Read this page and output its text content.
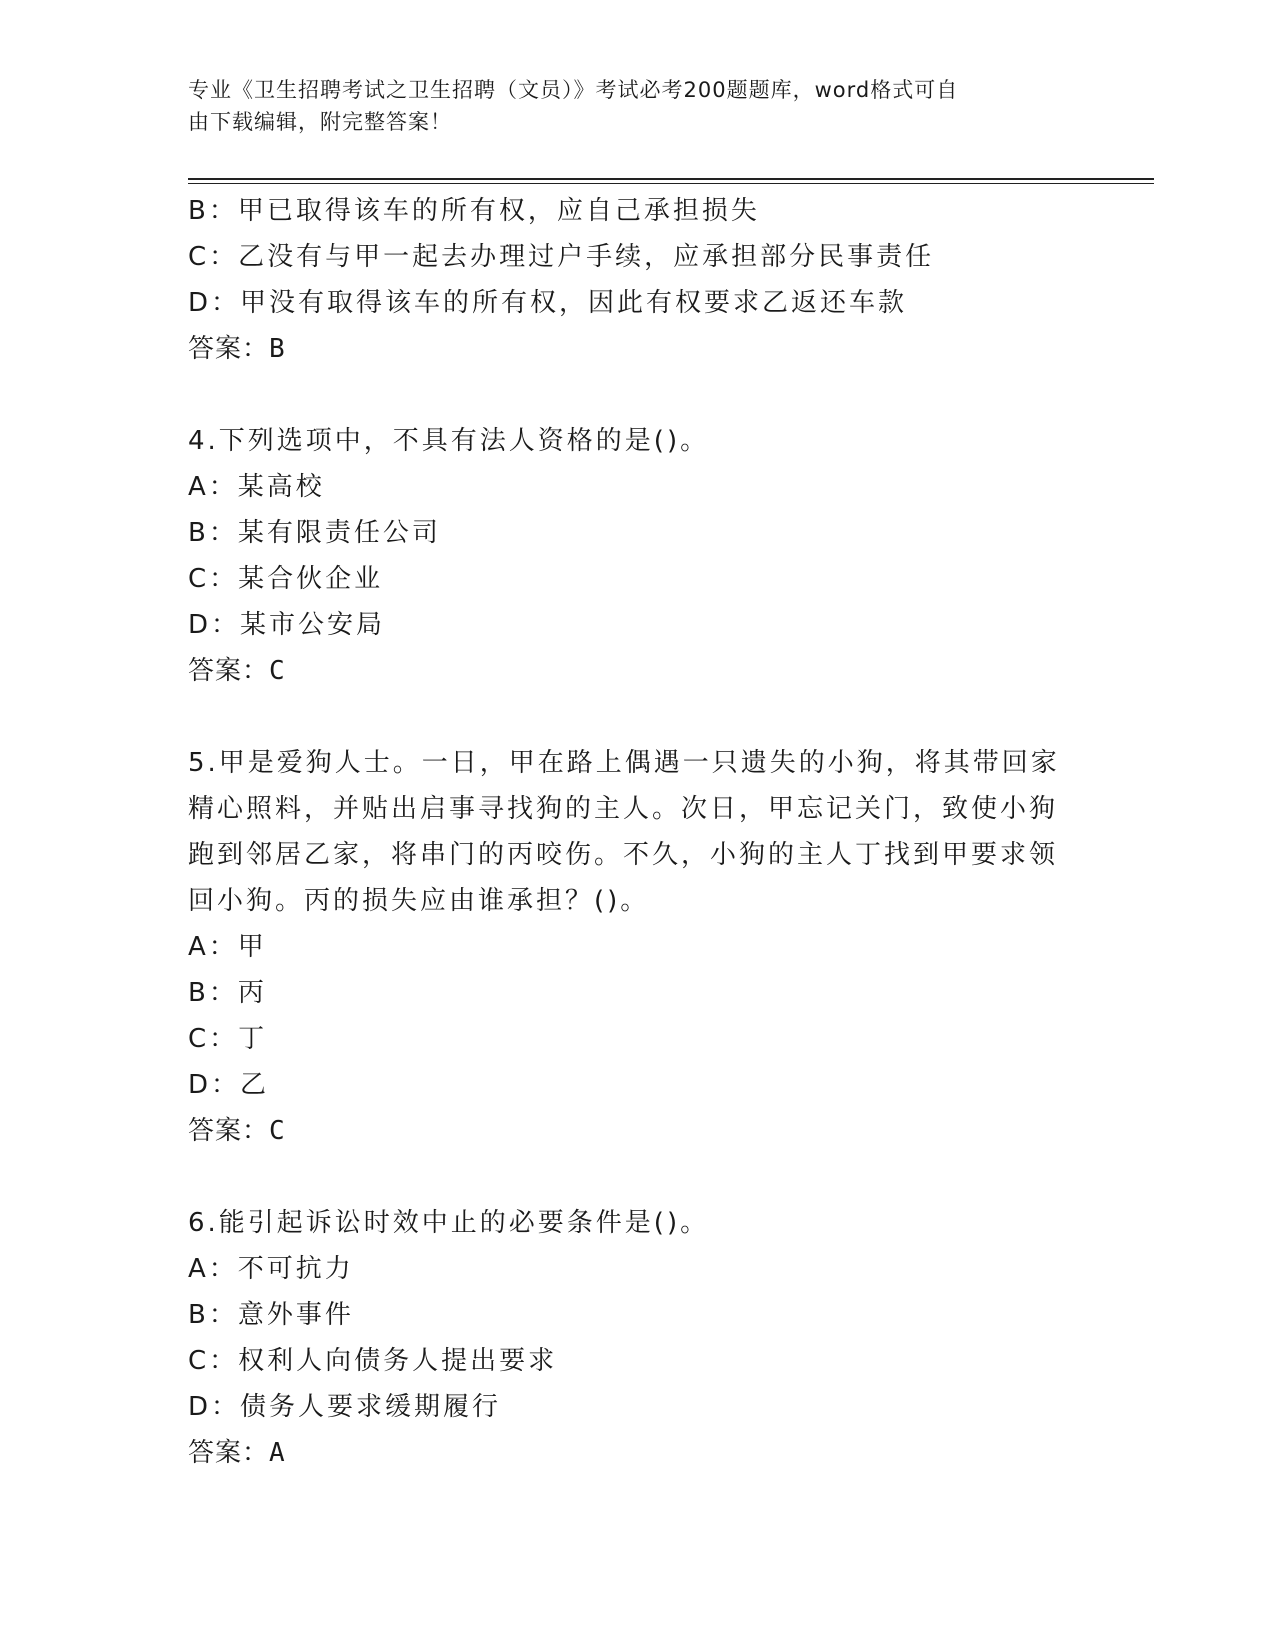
专业《卫生招聘考试之卫生招聘（文员）》考试必考200题题库，word格式可自
由下载编辑，附完整答案！
B：甲已取得该车的所有权，应自己承担损失
C：乙没有与甲一起去办理过户手续，应承担部分民事责任
D：甲没有取得该车的所有权，因此有权要求乙返还车款
答案：B
4.下列选项中，不具有法人资格的是()。
A：某高校
B：某有限责任公司
C：某合伙企业
D：某市公安局
答案：C
5.甲是爱狗人士。一日，甲在路上偶遇一只遗失的小狗，将其带回家
精心照料，并贴出启事寻找狗的主人。次日，甲忘记关门，致使小狗
跑到邻居乙家，将串门的丙咬伤。不久，小狗的主人丁找到甲要求领
回小狗。丙的损失应由谁承担？()。
A：甲
B：丙
C：丁
D：乙
答案：C
6.能引起诉讼时效中止的必要条件是()。
A：不可抗力
B：意外事件
C：权利人向债务人提出要求
D：债务人要求缓期履行
答案：A
